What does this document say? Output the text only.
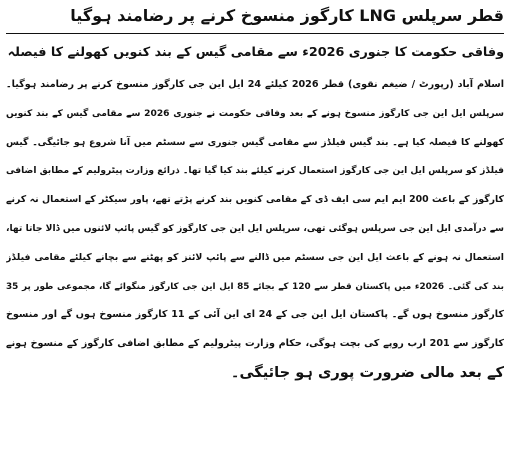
قطر سرپلس LNG کارگوز منسوخ کرنے پر رضامند ہوگیا
وفاقی حکومت کا جنوری 2026ء سے مقامی گیس کے بند کنویں کھولنے کا فیصلہ
اسلام آباد (رپورٹ / ضیغم نقوی) قطر 2026 کیلئے 24 ایل این جی کارگوز منسوخ کرنے پر رضامند ہوگیا۔
سرپلس ایل این جی کارگوز منسوخ ہونے کے بعد وفاقی حکومت نے جنوری 2026 سے مقامی گیس کے بند کنویں
کھولنے کا فیصلہ کیا ہے۔ بند گیس فیلڈز سے مقامی گیس جنوری سے سسٹم میں آنا شروع ہو جائیگی۔ گیس
فیلڈز کو سرپلس ایل این جی کارگوز استعمال کرنے کیلئے بند کیا گیا تھا۔ ذرائع وزارت پیٹرولیم کے مطابق اضافی
کارگوز کے باعث 200 ایم ایم سی ایف ڈی کے مقامی کنویں بند کرنے پڑتے تھے، پاور سیکٹر کے استعمال نہ کرنے
سے درآمدی ایل این جی سرپلس ہوگئی تھی، سرپلس ایل این جی کارگوز کو گیس پائپ لائنوں میں ڈالا جاتا تھا،
استعمال نہ ہونے کے باعث ایل این جی سسٹم میں ڈالنے سے پائپ لائنز کو پھٹنے سے بچانے کیلئے مقامی فیلڈز
بند کی گئی۔ 2026ء میں پاکستان قطر سے 120 کے بجائے 85 ایل این جی کارگوز منگوائے گا، مجموعی طور پر 35
کارگوز منسوخ ہوں گے۔ پاکستان ایل این جی کے 24 ای این آئی کے 11 کارگوز منسوخ ہوں گے اور منسوخ
کارگوز سے 201 ارب روپے کی بچت ہوگی، حکام وزارت پیٹرولیم کے مطابق اضافی کارگوز کے منسوخ ہونے
کے بعد مالی ضرورت پوری ہو جائیگی۔
